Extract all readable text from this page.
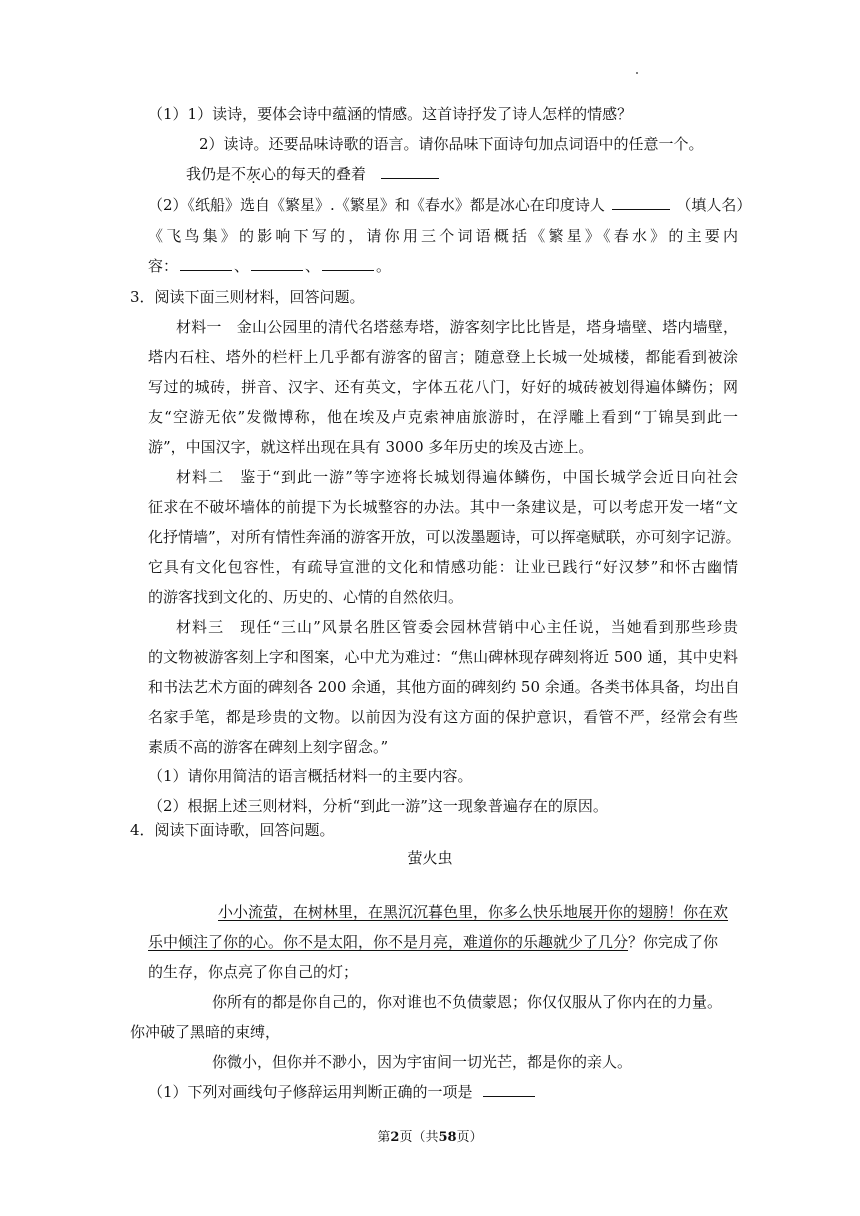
（1）1）读诗，要体会诗中蕴涵的情感。这首诗抒发了诗人怎样的情感？
2）读诗。还要品味诗歌的语言。请你品味下面诗句加点词语中的任意一个。
我仍是不灰心的每天的叠着
（2）《纸船》选自《繁星》.《繁星》和《春水》都是冰心在印度诗人	（填人名）
《飞鸟集》的影响下写的，请你用三个词语概括《繁星》《春水》的主要内
容：	、	、	。
3．阅读下面三则材料，回答问题。
材料一　金山公园里的清代名塔慈寿塔，游客刻字比比皆是，塔身墙壁、塔内墙壁，
塔内石柱、塔外的栏杆上几乎都有游客的留言；随意登上长城一处城楼，都能看到被涂
写过的城砖，拼音、汉字、还有英文，字体五花八门，好好的城砖被划得遍体鳞伤；网
友“空游无依”发微博称，他在埃及卢克索神庙旅游时，在浮雕上看到“丁锦昊到此一
游”，中国汉字，就这样出现在具有 3000 多年历史的埃及古迹上。
材料二　鉴于“到此一游”等字迹将长城划得遍体鳞伤，中国长城学会近日向社会
征求在不破坏墙体的前提下为长城整容的办法。其中一条建议是，可以考虑开发一堵“文
化抒情墙”，对所有情性奔涌的游客开放，可以泼墨题诗，可以挥毫赋联，亦可刻字记游。
它具有文化包容性，有疏导宣泄的文化和情感功能：让业已践行“好汉梦”和怀古幽情
的游客找到文化的、历史的、心情的自然依归。
材料三　现任“三山”风景名胜区管委会园林营销中心主任说，当她看到那些珍贵
的文物被游客刻上字和图案，心中尤为难过：“焦山碑林现存碑刻将近 500 通，其中史料
和书法艺术方面的碑刻各 200 余通，其他方面的碑刻约 50 余通。各类书体具备，均出自
名家手笔，都是珍贵的文物。以前因为没有这方面的保护意识，看管不严，经常会有些
素质不高的游客在碑刻上刻字留念。”
（1）请你用简洁的语言概括材料一的主要内容。
（2）根据上述三则材料，分析“到此一游”这一现象普遍存在的原因。
4．阅读下面诗歌，回答问题。
萤火虫
小小流萤，在树林里，在黑沉沉暮色里，你多么快乐地展开你的翅膀！你在欢
乐中倾注了你的心。你不是太阳，你不是月亮，难道你的乐趣就少了几分？你完成了你
的生存，你点亮了你自己的灯；
你所有的都是你自己的，你对谁也不负债蒙恩；你仅仅服从了你内在的力量。
你冲破了黑暗的束缚，
你微小，但你并不渺小，因为宇宙间一切光芒，都是你的亲人。
（1）下列对画线句子修辞运用判断正确的一项是
第2页（共58页）
